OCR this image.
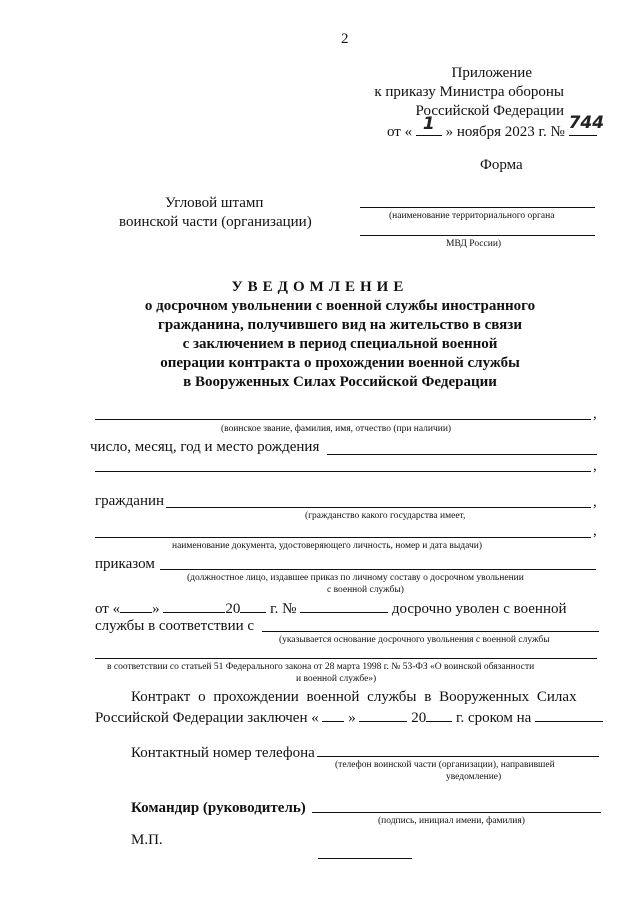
2
Приложение
к приказу Министра обороны
Российской Федерации
от « 1 » ноября 2023 г. № 744
Форма
Угловой штамп
воинской части (организации)	(наименование территориального органа
МВД России)
УВЕДОМЛЕНИЕ
о досрочном увольнении с военной службы иностранного
гражданина, получившего вид на жительство в связи
с заключением в период специальной военной
операции контракта о прохождении военной службы
в Вооруженных Силах Российской Федерации
,
(воинское звание, фамилия, имя, отчество (при наличии)
число, месяц, год и место рождения
,
гражданин	,
(гражданство какого государства имеет,
,
наименование документа, удостоверяющего личность, номер и дата выдачи)
приказом
(должностное лицо, издавшее приказ по личному составу о досрочном увольнении
с военной службы)
от « »	20 г. №	досрочно уволен с военной
службы в соответствии с
(указывается основание досрочного увольнения с военной службы
в соответствии со статьей 51 Федерального закона от 28 марта 1998 г. № 53-ФЗ «О воинской обязанности
и военной службе»)
Контракт о прохождении военной службы в Вооруженных Силах
Российской Федерации заключен « »	20 г. сроком на
Контактный номер телефона
(телефон воинской части (организации), направившей
уведомление)
Командир (руководитель)
(подпись, инициал имени, фамилия)
М.П.
